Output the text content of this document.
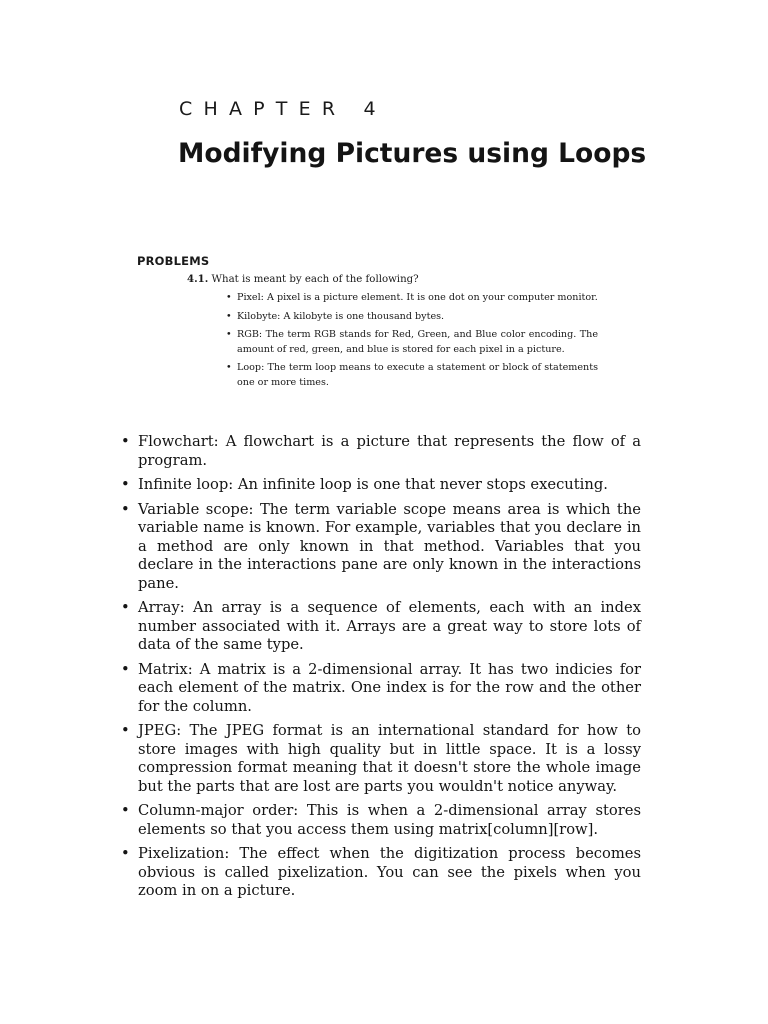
CHAPTER 4
Modifying Pictures using Loops
PROBLEMS

4.1. What is meant by each of the following?

• Pixel: A pixel is a picture element. It is one dot on your computer monitor.
• Kilobyte: A kilobyte is one thousand bytes.
• RGB: The term RGB stands for Red, Green, and Blue color encoding. The amount of red, green, and blue is stored for each pixel in a picture.
• Loop: The term loop means to execute a statement or block of statements one or more times.
• Flowchart: A flowchart is a picture that represents the flow of a program.
• Infinite loop: An infinite loop is one that never stops executing.
• Variable scope: The term variable scope means area is which the variable name is known. For example, variables that you declare in a method are only known in that method. Variables that you declare in the interactions pane are only known in the interactions pane.
• Array: An array is a sequence of elements, each with an index number associated with it. Arrays are a great way to store lots of data of the same type.
• Matrix: A matrix is a 2-dimensional array. It has two indicies for each element of the matrix. One index is for the row and the other for the column.
• JPEG: The JPEG format is an international standard for how to store images with high quality but in little space. It is a lossy compression format meaning that it doesn't store the whole image but the parts that are lost are parts you wouldn't notice anyway.
• Column-major order: This is when a 2-dimensional array stores elements so that you access them using matrix[column][row].
• Pixelization: The effect when the digitization process becomes obvious is called pixelization. You can see the pixels when you zoom in on a picture.
